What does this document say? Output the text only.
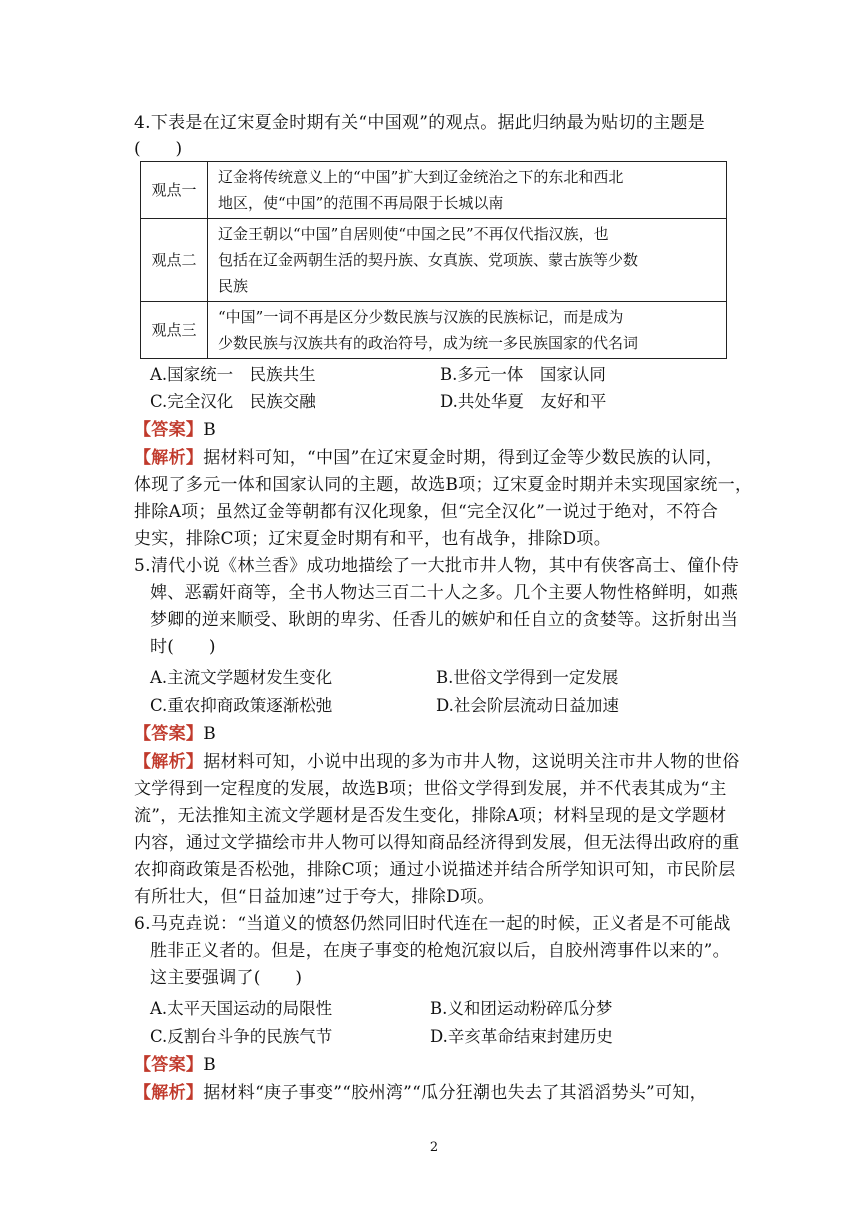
4.下表是在辽宋夏金时期有关“中国观”的观点。据此归纳最为贴切的主题是
(　　)
观点一	辽金将传统意义上的“中国”扩大到辽金统治之下的东北和西北
地区，使“中国”的范围不再局限于长城以南

观点二	辽金王朝以“中国”自居则使“中国之民”不再仅代指汉族，也
包括在辽金两朝生活的契丹族、女真族、党项族、蒙古族等少数
民族

观点三	“中国”一词不再是区分少数民族与汉族的民族标记，而是成为
少数民族与汉族共有的政治符号，成为统一多民族国家的代名词
A.国家统一　民族共生	B.多元一体　国家认同
C.完全汉化　民族交融	D.共处华夏　友好和平
【答案】B
【解析】据材料可知，“中国”在辽宋夏金时期，得到辽金等少数民族的认同，
体现了多元一体和国家认同的主题，故选B项；辽宋夏金时期并未实现国家统一，
排除A项；虽然辽金等朝都有汉化现象，但“完全汉化”一说过于绝对，不符合
史实，排除C项；辽宋夏金时期有和平，也有战争，排除D项。
5.清代小说《林兰香》成功地描绘了一大批市井人物，其中有侠客高士、僮仆侍
婢、恶霸奸商等，全书人物达三百二十人之多。几个主要人物性格鲜明，如燕
梦卿的逆来顺受、耿朗的卑劣、任香儿的嫉妒和任自立的贪婪等。这折射出当
时(　　)
A.主流文学题材发生变化	B.世俗文学得到一定发展
C.重农抑商政策逐渐松弛	D.社会阶层流动日益加速
【答案】B
【解析】据材料可知，小说中出现的多为市井人物，这说明关注市井人物的世俗
文学得到一定程度的发展，故选B项；世俗文学得到发展，并不代表其成为“主
流”，无法推知主流文学题材是否发生变化，排除A项；材料呈现的是文学题材
内容，通过文学描绘市井人物可以得知商品经济得到发展，但无法得出政府的重
农抑商政策是否松弛，排除C项；通过小说描述并结合所学知识可知，市民阶层
有所壮大，但“日益加速”过于夸大，排除D项。
6.马克垚说：“当道义的愤怒仍然同旧时代连在一起的时候，正义者是不可能战
胜非正义者的。但是，在庚子事变的枪炮沉寂以后，自胶州湾事件以来的”。
这主要强调了(　　)
A.太平天国运动的局限性	B.义和团运动粉碎瓜分梦
C.反割台斗争的民族气节	D.辛亥革命结束封建历史
【答案】B
【解析】据材料“庚子事变”“胶州湾”“瓜分狂潮也失去了其滔滔势头”可知，
2
